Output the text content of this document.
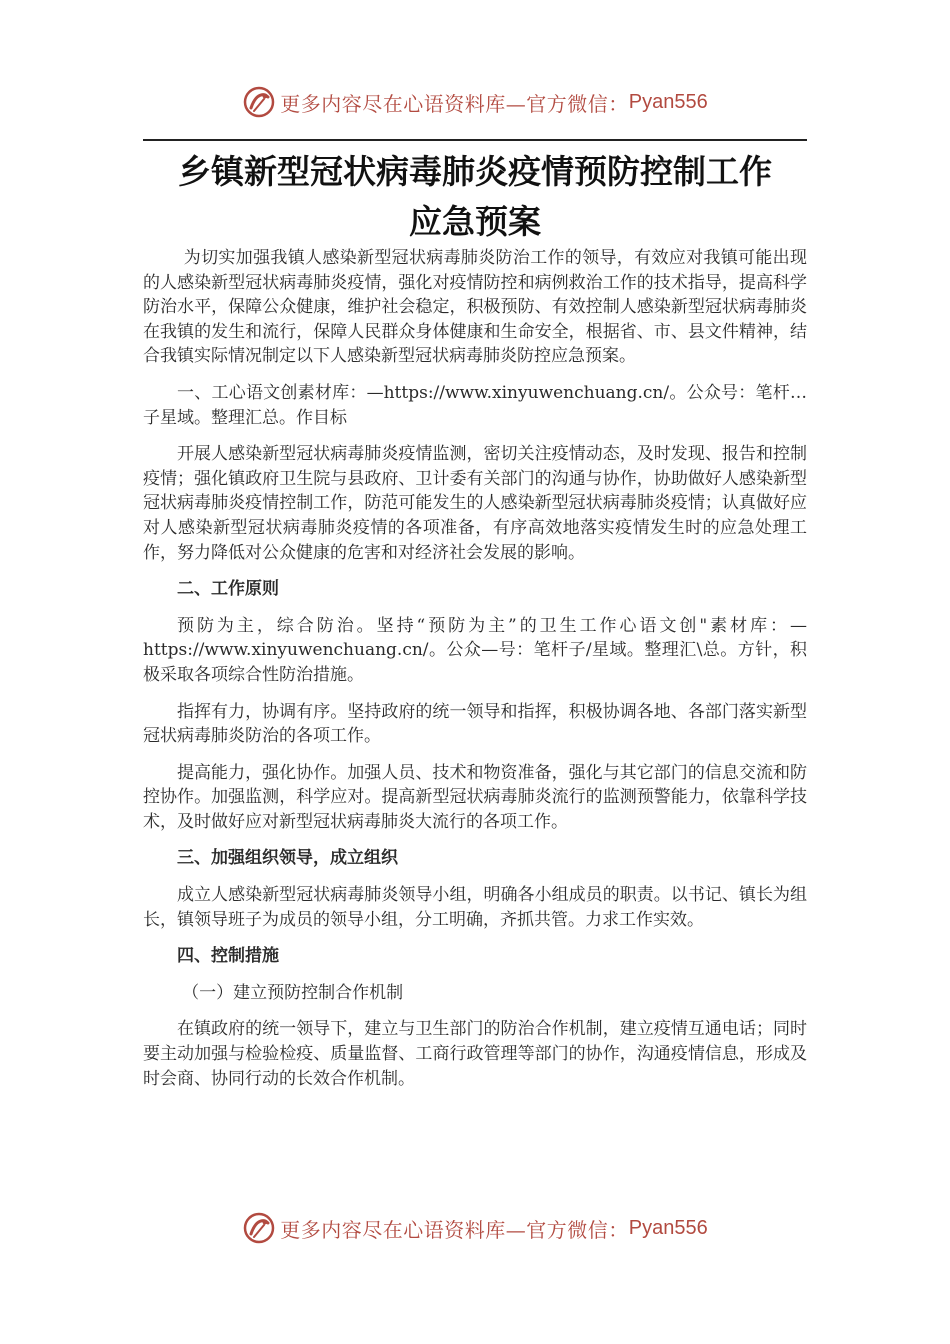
更多内容尽在心语资料库—官方微信： Pyan556
乡镇新型冠状病毒肺炎疫情预防控制工作
应急预案

为切实加强我镇人感染新型冠状病毒肺炎防治工作的领导，有效应对我镇可能出现的人感染新型冠状病毒肺炎疫情，强化对疫情防控和病例救治工作的技术指导，提高科学防治水平，保障公众健康，维护社会稳定，积极预防、有效控制人感染新型冠状病毒肺炎在我镇的发生和流行，保障人民群众身体健康和生命安全，根据省、市、县文件精神，结合我镇实际情况制定以下人感染新型冠状病毒肺炎防控应急预案。

一、工心语文创素材库：—https://www.xinyuwenchuang.cn/。公众号：笔杆…子星域。整理汇总。作目标

开展人感染新型冠状病毒肺炎疫情监测，密切关注疫情动态，及时发现、报告和控制疫情；强化镇政府卫生院与县政府、卫计委有关部门的沟通与协作，协助做好人感染新型冠状病毒肺炎疫情控制工作，防范可能发生的人感染新型冠状病毒肺炎疫情；认真做好应对人感染新型冠状病毒肺炎疫情的各项准备，有序高效地落实疫情发生时的应急处理工作，努力降低对公众健康的危害和对经济社会发展的影响。

二、工作原则

预防为主，综合防治。坚持“预防为主”的卫生工作心语文创"素材库：—https://www.xinyuwenchuang.cn/。公众—号：笔杆子/星域。整理汇\总。方针，积极采取各项综合性防治措施。

指挥有力，协调有序。坚持政府的统一领导和指挥，积极协调各地、各部门落实新型冠状病毒肺炎防治的各项工作。

提高能力，强化协作。加强人员、技术和物资准备，强化与其它部门的信息交流和防控协作。加强监测，科学应对。提高新型冠状病毒肺炎流行的监测预警能力，依靠科学技术，及时做好应对新型冠状病毒肺炎大流行的各项工作。

三、加强组织领导，成立组织

成立人感染新型冠状病毒肺炎领导小组，明确各小组成员的职责。以书记、镇长为组长，镇领导班子为成员的领导小组，分工明确，齐抓共管。力求工作实效。

四、控制措施

（一）建立预防控制合作机制

在镇政府的统一领导下，建立与卫生部门的防治合作机制，建立疫情互通电话；同时要主动加强与检验检疫、质量监督、工商行政管理等部门的协作，沟通疫情信息，形成及时会商、协同行动的长效合作机制。

更多内容尽在心语资料库—官方微信： Pyan556
